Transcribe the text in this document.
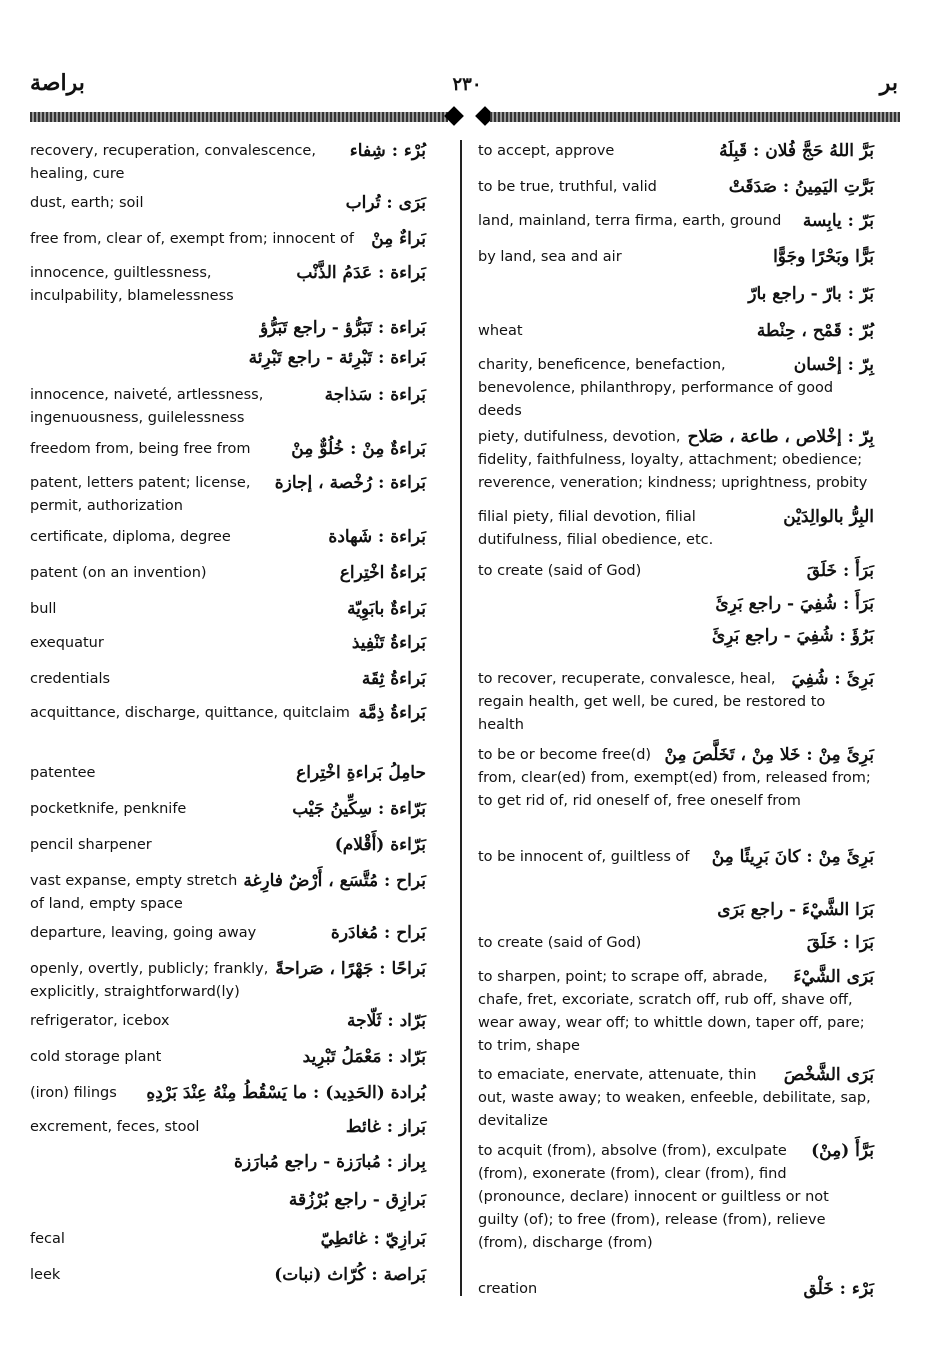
براصة	٢٣٠	بر
بُرْء : شِفاء
recovery, recuperation, convalescence, healing, cure
بَرَى : تُراب
dust, earth; soil
بَراءٌ مِنْ
free from, clear of, exempt from; innocent of
بَراءة : عَدَمُ الذَّنْب
innocence, guiltlessness, inculpability, blamelessness
بَراءة : تَبَرُّؤ - راجع تَبَرُّؤ
بَراءة : تَبْرِئة - راجع تَبْرِئة
بَراءة : سَذاجة
innocence, naiveté, artlessness, ingenuousness, guilelessness
بَراءةٌ مِنْ : خُلُوٌّ مِنْ
freedom from, being free from
بَراءة : رُخْصة ، إجازة
patent, letters patent; license, permit, authorization
بَراءة : شَهادة
certificate, diploma, degree
بَراءةُ اخْتِراع
patent (on an invention)
بَراءةٌ بابَوِيّة
bull
بَراءةُ تَنْفِيذ
exequatur
بَراءةُ ثِقَة
credentials
بَراءةُ ذِمَّة
acquittance, discharge, quittance, quitclaim
حامِلُ بَراءةِ اخْتِراع
patentee
بَرّاءة : سِكِّينُ جَيْب
pocketknife, penknife
بَرّاءة (أَقْلام)
pencil sharpener
بَراح : مُتَّسَع ، أَرْضٌ فارِغة
vast expanse, empty stretch of land, empty space
بَراح : مُغادَرة
departure, leaving, going away
بَراحًا : جَهْرًا ، صَراحةً
openly, overtly, publicly; frankly, explicitly, straightforward(ly)
بَرّاد : ثَلّاجة
refrigerator, icebox
بَرّاد : مَعْمَلُ تَبْرِيد
cold storage plant
بُرادة (الحَدِيد) : ما يَسْقُطُ مِنْهُ عِنْدَ بَرْدِهِ
(iron) filings
بَراز : غائط
excrement, feces, stool
بِراز : مُبارَزة - راجع مُبارَزة
بَرازِق - راجع بُرْزُقة
بَرازِيّ : غائطِيّ
fecal
بَراصة : كُرّاث (نبات)
leek
بَرَّ اللهُ حَجَّ فُلان : قَبِلَهُ
to accept, approve
بَرَّتِ اليَمِينُ : صَدَقَتْ
to be true, truthful, valid
بَرّ : يابِسة
land, mainland, terra firma, earth, ground
بَرًّا وبَحْرًا وجَوًّا
by land, sea and air
بَرّ : بارّ - راجع بارّ
بُرّ : قَمْح ، حِنْطة
wheat
بِرّ : إحْسان
charity, beneficence, benefaction, benevolence, philanthropy, performance of good deeds
بِرّ : إخْلاص ، طاعة ، صَلاح
piety, dutifulness, devotion, fidelity, faithfulness, loyalty, attachment; obedience; reverence, veneration; kindness; uprightness, probity
البِرُّ بالوالِدَيْن
filial piety, filial devotion, filial dutifulness, filial obedience, etc.
بَرَأَ : خَلَقَ
to create (said of God)
بَرَأَ : شُفِيَ - راجع بَرِئَ
بَرُؤَ : شُفِيَ - راجع بَرِئَ
بَرِئَ : شُفِيَ
to recover, recuperate, convalesce, heal, regain health, get well, be cured, be restored to health
بَرِئَ مِنْ : خَلا مِنْ ، تَخَلَّصَ مِنْ
to be or become free(d) from, clear(ed) from, exempt(ed) from, released from; to get rid of, rid oneself of, free oneself from
بَرِئَ مِنْ : كانَ بَرِيئًا مِنْ
to be innocent of, guiltless of
بَرَا الشَّيْءَ - راجع بَرَى
بَرَا : خَلَقَ
to create (said of God)
بَرَى الشَّيْءَ
to sharpen, point; to scrape off, abrade, chafe, fret, excoriate, scratch off, rub off, shave off, wear away, wear off; to whittle down, taper off, pare; to trim, shape
بَرَى الشَّخْصَ
to emaciate, enervate, attenuate, thin out, waste away; to weaken, enfeeble, debilitate, sap, devitalize
بَرَّأَ (مِنْ)
to acquit (from), absolve (from), exculpate (from), exonerate (from), clear (from), find (pronounce, declare) innocent or guiltless or not guilty (of); to free (from), release (from), relieve (from), discharge (from)
بَرْء : خَلْق
creation
